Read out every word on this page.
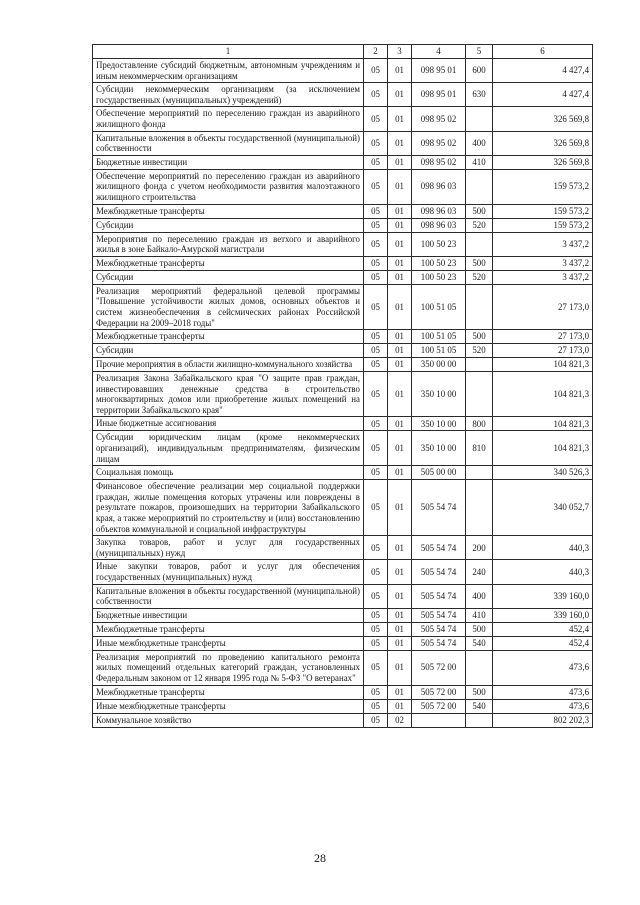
1	2	3	4	5	6
Предоставление субсидий бюджетным, автономным учреждениям и иным некоммерческим организациям	05	01	098 95 01	600	4 427,4
Субсидии некоммерческим организациям (за исключением государственных (муниципальных) учреждений)	05	01	098 95 01	630	4 427,4
Обеспечение мероприятий по переселению граждан из аварийного жилищного фонда	05	01	098 95 02		326 569,8
Капитальные вложения в объекты государственной (муниципальной) собственности	05	01	098 95 02	400	326 569,8
Бюджетные инвестиции	05	01	098 95 02	410	326 569,8
Обеспечение мероприятий по переселению граждан из аварийного жилищного фонда с учетом необходимости развития малоэтажного жилищного строительства	05	01	098 96 03		159 573,2
Межбюджетные трансферты	05	01	098 96 03	500	159 573,2
Субсидии	05	01	098 96 03	520	159 573,2
Мероприятия по переселению граждан из ветхого и аварийного жилья в зоне Байкало-Амурской магистрали	05	01	100 50 23		3 437,2
Межбюджетные трансферты	05	01	100 50 23	500	3 437,2
Субсидии	05	01	100 50 23	520	3 437,2
Реализация мероприятий федеральной целевой программы "Повышение устойчивости жилых домов, основных объектов и систем жизнеобеспечения в сейсмических районах Российской Федерации на 2009–2018 годы"	05	01	100 51 05		27 173,0
Межбюджетные трансферты	05	01	100 51 05	500	27 173,0
Субсидии	05	01	100 51 05	520	27 173,0
Прочие мероприятия в области жилищно-коммунального хозяйства	05	01	350 00 00		104 821,3
Реализация Закона Забайкальского края "О защите прав граждан, инвестировавших денежные средства в строительство многоквартирных домов или приобретение жилых помещений на территории Забайкальского края"	05	01	350 10 00		104 821,3
Иные бюджетные ассигнования	05	01	350 10 00	800	104 821,3
Субсидии юридическим лицам (кроме некоммерческих организаций), индивидуальным предпринимателям, физическим лицам	05	01	350 10 00	810	104 821,3
Социальная помощь	05	01	505 00 00		340 526,3
Финансовое обеспечение реализации мер социальной поддержки граждан, жилые помещения которых утрачены или повреждены в результате пожаров, произошедших на территории Забайкальского края, а также мероприятий по строительству и (или) восстановлению объектов коммунальной и социальной инфраструктуры	05	01	505 54 74		340 052,7
Закупка товаров, работ и услуг для государственных (муниципальных) нужд	05	01	505 54 74	200	440,3
Иные закупки товаров, работ и услуг для обеспечения государственных (муниципальных) нужд	05	01	505 54 74	240	440,3
Капитальные вложения в объекты государственной (муниципальной) собственности	05	01	505 54 74	400	339 160,0
Бюджетные инвестиции	05	01	505 54 74	410	339 160,0
Межбюджетные трансферты	05	01	505 54 74	500	452,4
Иные межбюджетные трансферты	05	01	505 54 74	540	452,4
Реализация мероприятий по проведению капитального ремонта жилых помещений отдельных категорий граждан, установленных Федеральным законом от 12 января 1995 года № 5-ФЗ "О ветеранах"	05	01	505 72 00		473,6
Межбюджетные трансферты	05	01	505 72 00	500	473,6
Иные межбюджетные трансферты	05	01	505 72 00	540	473,6
Коммунальное хозяйство	05	02			802 202,3
28
